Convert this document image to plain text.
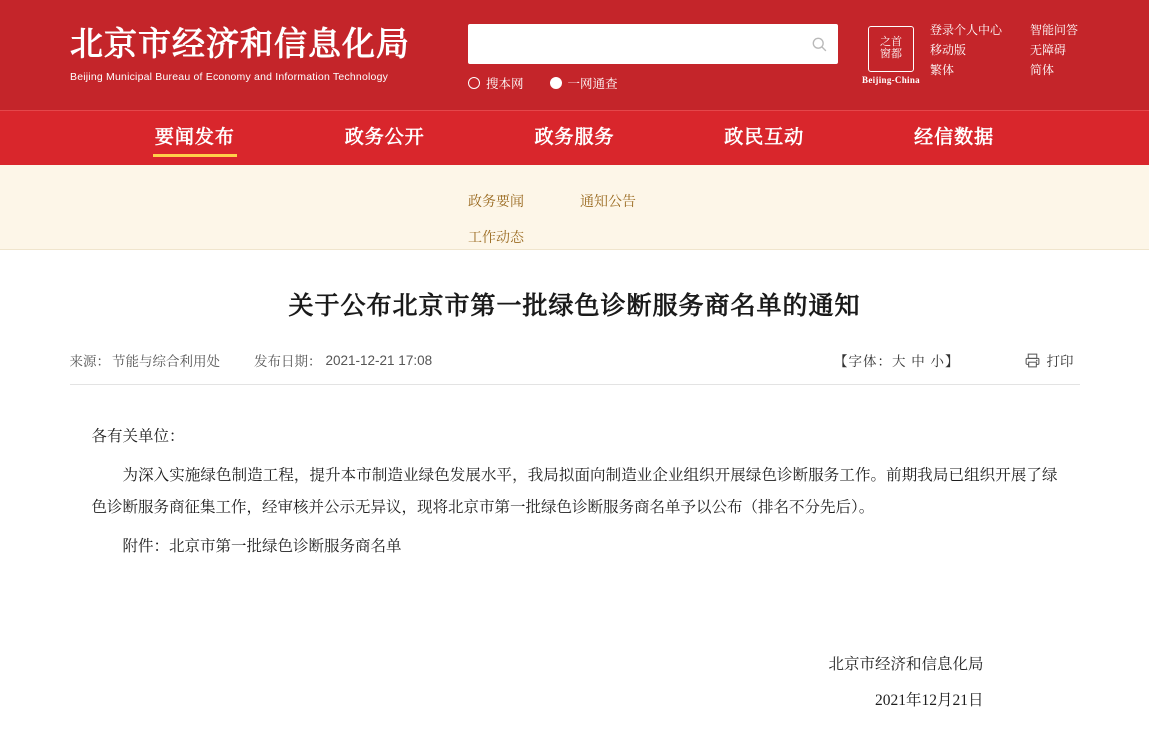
北京市经济和信息化局
Beijing Municipal Bureau of Economy and Information Technology	搜本网	一网通查
之首
窗都
Beijing-China
登录个人中心
移动版
繁体
智能问答
无障碍
简体
要闻发布	政务公开	政务服务	政民互动	经信数据
政务要闻	通知公告
工作动态
关于公布北京市第一批绿色诊断服务商名单的通知
来源： 节能与综合利用处	发布日期： 2021-12-21 17:08	【字体：大 中 小】	打印

各有关单位：

为深入实施绿色制造工程，提升本市制造业绿色发展水平，我局拟面向制造业企业组织开展绿色诊断服务工作。前期我局已组织开展了绿色诊断服务商征集工作，经审核并公示无异议，现将北京市第一批绿色诊断服务商名单予以公布（排名不分先后）。

附件：北京市第一批绿色诊断服务商名单

北京市经济和信息化局
2021年12月21日
